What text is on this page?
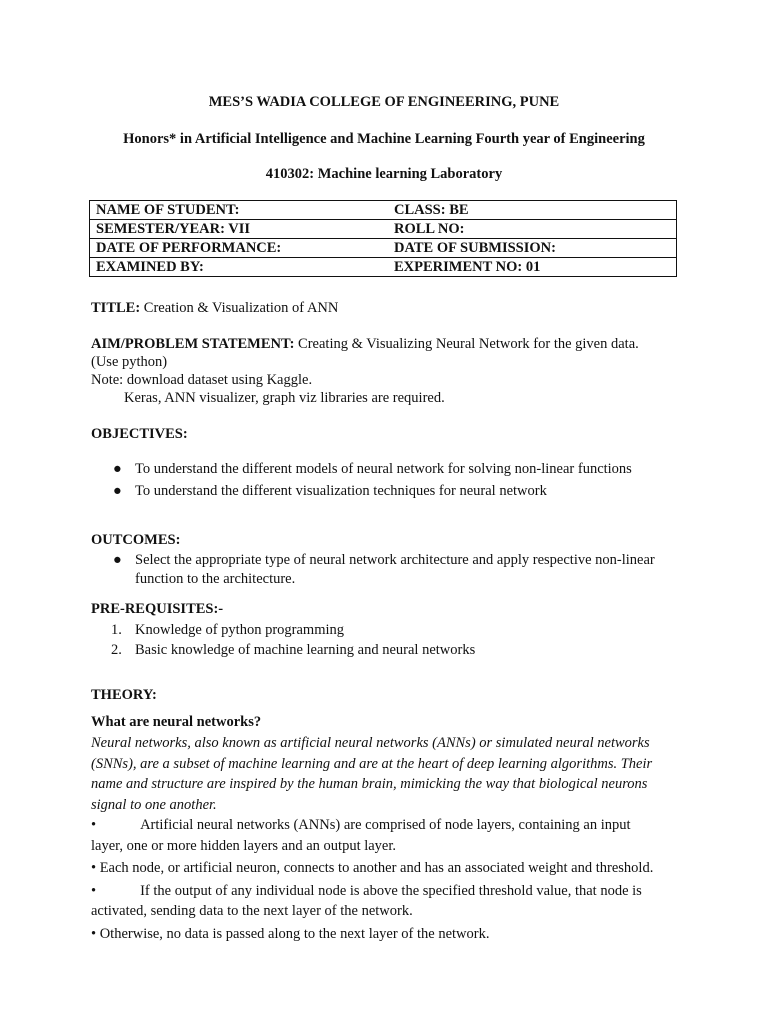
MES’S WADIA COLLEGE OF ENGINEERING, PUNE
Honors* in Artificial Intelligence and Machine Learning Fourth year of Engineering
410302: Machine learning Laboratory
NAME OF STUDENT:	CLASS: BE
SEMESTER/YEAR: VII	ROLL NO:
DATE OF PERFORMANCE:	DATE OF SUBMISSION:
EXAMINED BY:	EXPERIMENT NO: 01
TITLE: Creation & Visualization of ANN
AIM/PROBLEM STATEMENT: Creating & Visualizing Neural Network for the given data.
(Use python)
Note: download dataset using Kaggle.
Keras, ANN visualizer, graph viz libraries are required.
OBJECTIVES:
● To understand the different models of neural network for solving non-linear functions
● To understand the different visualization techniques for neural network
OUTCOMES:
● Select the appropriate type of neural network architecture and apply respective non-linear function to the architecture.
PRE-REQUISITES:-
1. Knowledge of python programming
2. Basic knowledge of machine learning and neural networks
THEORY:
What are neural networks?
Neural networks, also known as artificial neural networks (ANNs) or simulated neural networks (SNNs), are a subset of machine learning and are at the heart of deep learning algorithms. Their name and structure are inspired by the human brain, mimicking the way that biological neurons signal to one another.
•	Artificial neural networks (ANNs) are comprised of node layers, containing an input
layer, one or more hidden layers and an output layer.
• Each node, or artificial neuron, connects to another and has an associated weight and threshold.
•	If the output of any individual node is above the specified threshold value, that node is
activated, sending data to the next layer of the network.
• Otherwise, no data is passed along to the next layer of the network.
